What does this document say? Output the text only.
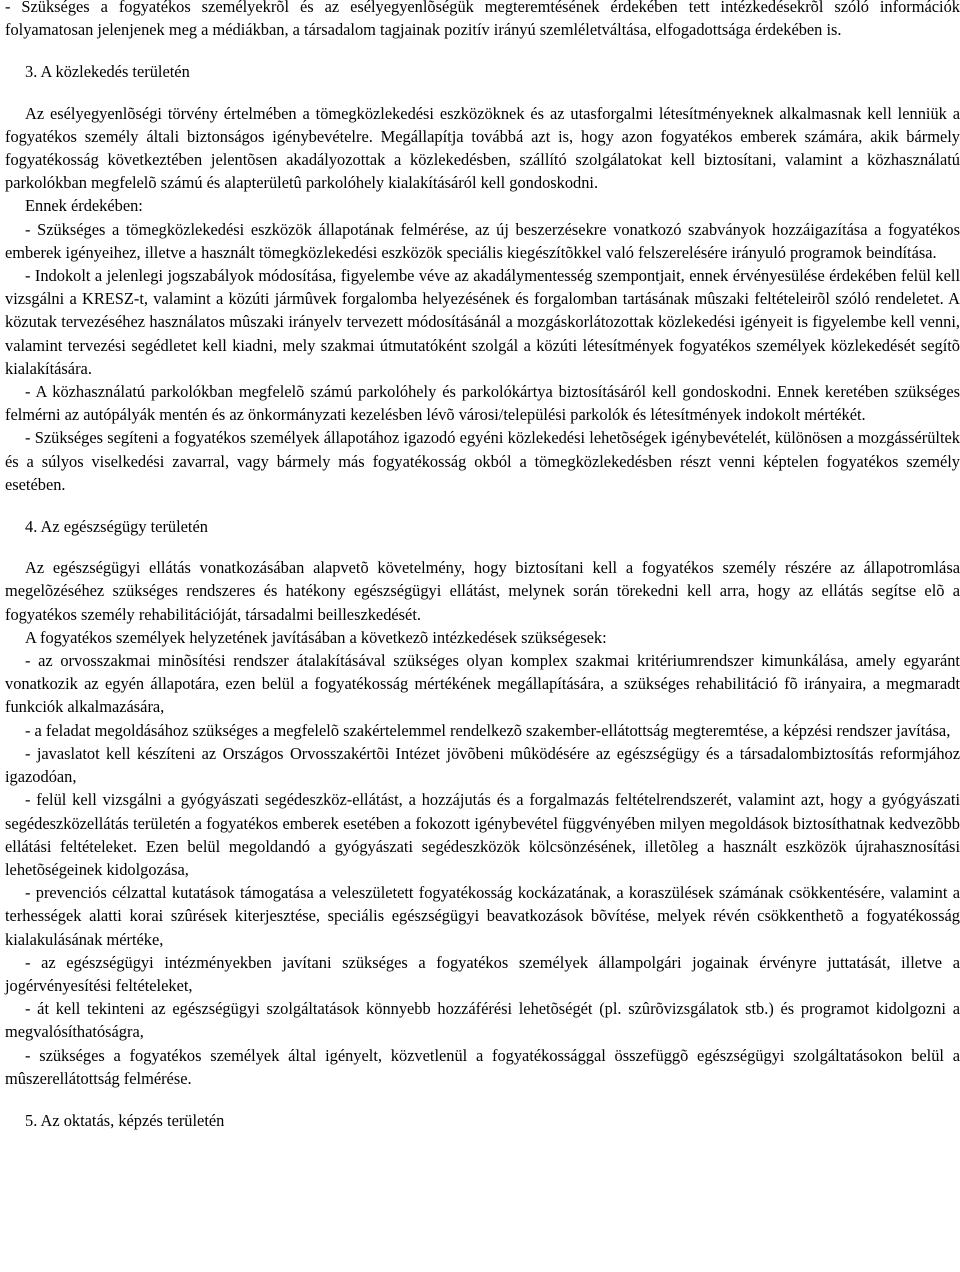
- Szükséges a fogyatékos személyekrõl és az esélyegyenlõségük megteremtésének érdekében tett intézkedésekrõl szóló információk folyamatosan jelenjenek meg a médiákban, a társadalom tagjainak pozitív irányú szemléletváltása, elfogadottsága érdekében is.

3. A közlekedés területén

Az esélyegyenlõségi törvény értelmében a tömegközlekedési eszközöknek és az utasforgalmi létesítményeknek alkalmasnak kell lenniük a fogyatékos személy általi biztonságos igénybevételre. Megállapítja továbbá azt is, hogy azon fogyatékos emberek számára, akik bármely fogyatékosság következtében jelentõsen akadályozottak a közlekedésben, szállító szolgálatokat kell biztosítani, valamint a közhasználatú parkolókban megfelelõ számú és alapterületû parkolóhely kialakításáról kell gondoskodni.

Ennek érdekében:

- Szükséges a tömegközlekedési eszközök állapotának felmérése, az új beszerzésekre vonatkozó szabványok hozzáigazítása a fogyatékos emberek igényeihez, illetve a használt tömegközlekedési eszközök speciális kiegészítõkkel való felszerelésére irányuló programok beindítása.

- Indokolt a jelenlegi jogszabályok módosítása, figyelembe véve az akadálymentesség szempontjait, ennek érvényesülése érdekében felül kell vizsgálni a KRESZ-t, valamint a közúti jármûvek forgalomba helyezésének és forgalomban tartásának mûszaki feltételeirõl szóló rendeletet. A közutak tervezéséhez használatos mûszaki irányelv tervezett módosításánál a mozgáskorlátozottak közlekedési igényeit is figyelembe kell venni, valamint tervezési segédletet kell kiadni, mely szakmai útmutatóként szolgál a közúti létesítmények fogyatékos személyek közlekedését segítõ kialakítására.

- A közhasználatú parkolókban megfelelõ számú parkolóhely és parkolókártya biztosításáról kell gondoskodni. Ennek keretében szükséges felmérni az autópályák mentén és az önkormányzati kezelésben lévõ városi/települési parkolók és létesítmények indokolt mértékét.

- Szükséges segíteni a fogyatékos személyek állapotához igazodó egyéni közlekedési lehetõségek igénybevételét, különösen a mozgássérültek és a súlyos viselkedési zavarral, vagy bármely más fogyatékosság okból a tömegközlekedésben részt venni képtelen fogyatékos személy esetében.

4. Az egészségügy területén

Az egészségügyi ellátás vonatkozásában alapvetõ követelmény, hogy biztosítani kell a fogyatékos személy részére az állapotromlása megelõzéséhez szükséges rendszeres és hatékony egészségügyi ellátást, melynek során törekedni kell arra, hogy az ellátás segítse elõ a fogyatékos személy rehabilitációját, társadalmi beilleszkedését.

A fogyatékos személyek helyzetének javításában a következõ intézkedések szükségesek:

- az orvosszakmai minõsítési rendszer átalakításával szükséges olyan komplex szakmai kritériumrendszer kimunkálása, amely egyaránt vonatkozik az egyén állapotára, ezen belül a fogyatékosság mértékének megállapítására, a szükséges rehabilitáció fõ irányaira, a megmaradt funkciók alkalmazására,

- a feladat megoldásához szükséges a megfelelõ szakértelemmel rendelkezõ szakember-ellátottság megteremtése, a képzési rendszer javítása,

- javaslatot kell készíteni az Országos Orvosszakértõi Intézet jövõbeni mûködésére az egészségügy és a társadalombiztosítás reformjához igazodóan,

- felül kell vizsgálni a gyógyászati segédeszköz-ellátást, a hozzájutás és a forgalmazás feltételrendszerét, valamint azt, hogy a gyógyászati segédeszközellátás területén a fogyatékos emberek esetében a fokozott igénybevétel függvényében milyen megoldások biztosíthatnak kedvezõbb ellátási feltételeket. Ezen belül megoldandó a gyógyászati segédeszközök kölcsönzésének, illetõleg a használt eszközök újrahasznosítási lehetõségeinek kidolgozása,

- prevenciós célzattal kutatások támogatása a veleszületett fogyatékosság kockázatának, a koraszülések számának csökkentésére, valamint a terhességek alatti korai szûrések kiterjesztése, speciális egészségügyi beavatkozások bõvítése, melyek révén csökkenthetõ a fogyatékosság kialakulásának mértéke,

- az egészségügyi intézményekben javítani szükséges a fogyatékos személyek állampolgári jogainak érvényre juttatását, illetve a jogérvényesítési feltételeket,

- át kell tekinteni az egészségügyi szolgáltatások könnyebb hozzáférési lehetõségét (pl. szûrõvizsgálatok stb.) és programot kidolgozni a megvalósíthatóságra,

- szükséges a fogyatékos személyek által igényelt, közvetlenül a fogyatékossággal összefüggõ egészségügyi szolgáltatásokon belül a mûszerellátottság felmérése.

5. Az oktatás, képzés területén
